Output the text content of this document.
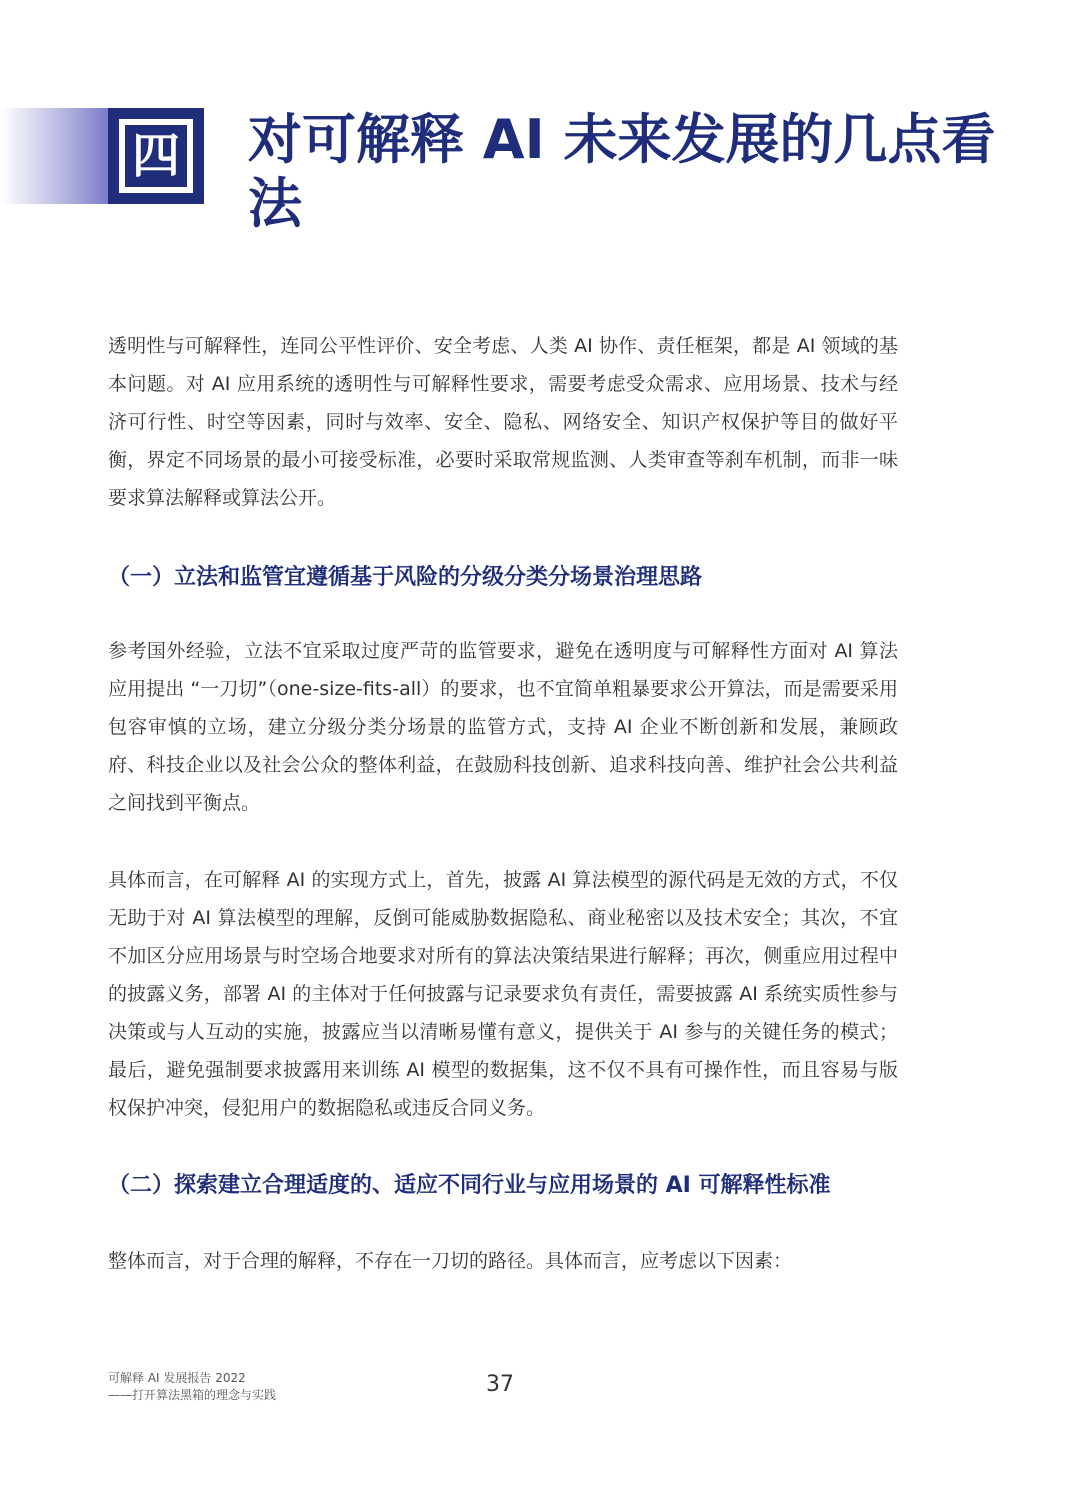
四 对可解释 AI 未来发展的几点看法

透明性与可解释性，连同公平性评价、安全考虑、人类 AI 协作、责任框架，都是 AI 领域的基本问题。对 AI 应用系统的透明性与可解释性要求，需要考虑受众需求、应用场景、技术与经济可行性、时空等因素，同时与效率、安全、隐私、网络安全、知识产权保护等目的做好平衡，界定不同场景的最小可接受标准，必要时采取常规监测、人类审查等刹车机制，而非一味要求算法解释或算法公开。

（一）立法和监管宜遵循基于风险的分级分类分场景治理思路

参考国外经验，立法不宜采取过度严苛的监管要求，避免在透明度与可解释性方面对 AI 算法应用提出 “一刀切”（one-size-fits-all）的要求，也不宜简单粗暴要求公开算法，而是需要采用包容审慎的立场，建立分级分类分场景的监管方式，支持 AI 企业不断创新和发展，兼顾政府、科技企业以及社会公众的整体利益，在鼓励科技创新、追求科技向善、维护社会公共利益之间找到平衡点。

具体而言，在可解释 AI 的实现方式上，首先，披露 AI 算法模型的源代码是无效的方式，不仅无助于对 AI 算法模型的理解，反倒可能威胁数据隐私、商业秘密以及技术安全；其次，不宜不加区分应用场景与时空场合地要求对所有的算法决策结果进行解释；再次，侧重应用过程中的披露义务，部署 AI 的主体对于任何披露与记录要求负有责任，需要披露 AI 系统实质性参与决策或与人互动的实施，披露应当以清晰易懂有意义，提供关于 AI 参与的关键任务的模式；最后，避免强制要求披露用来训练 AI 模型的数据集，这不仅不具有可操作性，而且容易与版权保护冲突，侵犯用户的数据隐私或违反合同义务。

（二）探索建立合理适度的、适应不同行业与应用场景的 AI 可解释性标准

整体而言，对于合理的解释，不存在一刀切的路径。具体而言，应考虑以下因素：

可解释 AI 发展报告 2022
——打开算法黑箱的理念与实践	37
